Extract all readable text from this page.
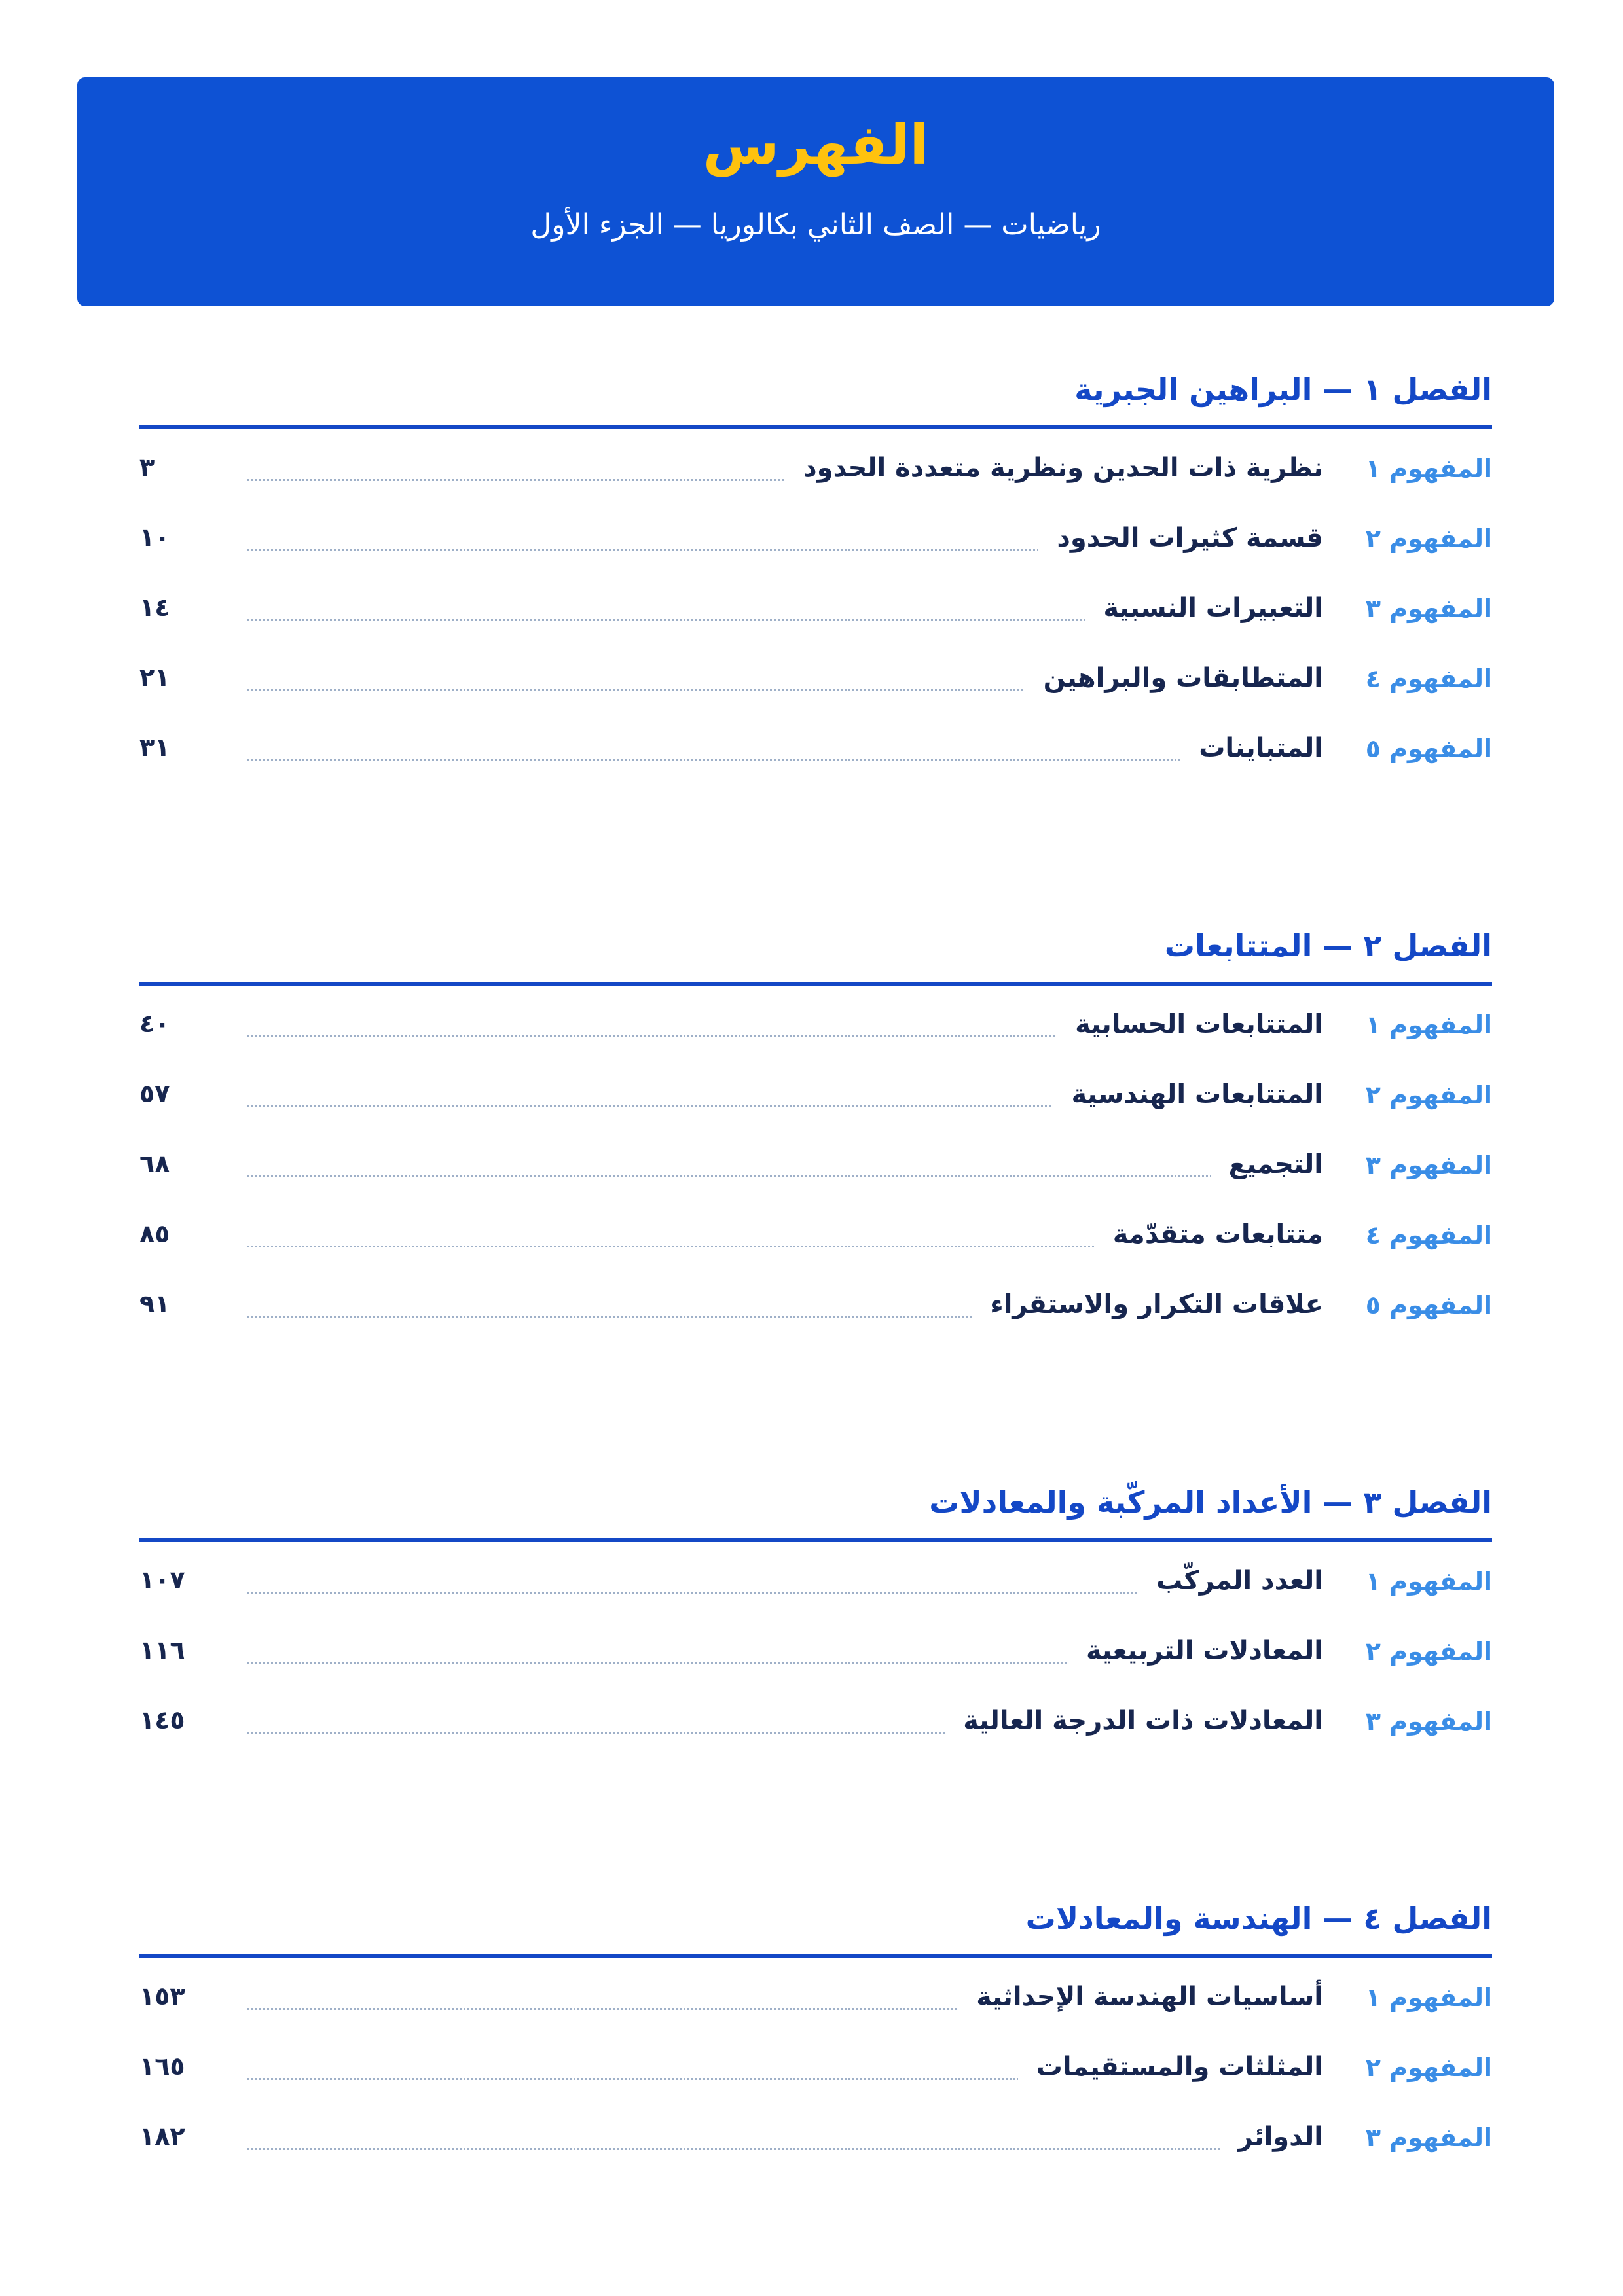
الفهرس
رياضيات — الصف الثاني بكالوريا — الجزء الأول
الفصل ١ — البراهين الجبرية
المفهوم ١
نظرية ذات الحدين ونظرية متعددة الحدود
٣
المفهوم ٢
قسمة كثيرات الحدود
١٠
المفهوم ٣
التعبيرات النسبية
١٤
المفهوم ٤
المتطابقات والبراهين
٢١
المفهوم ٥
المتباينات
٣١
الفصل ٢ — المتتابعات
المفهوم ١
المتتابعات الحسابية
٤٠
المفهوم ٢
المتتابعات الهندسية
٥٧
المفهوم ٣
التجميع
٦٨
المفهوم ٤
متتابعات متقدّمة
٨٥
المفهوم ٥
علاقات التكرار والاستقراء
٩١
الفصل ٣ — الأعداد المركّبة والمعادلات
المفهوم ١
العدد المركّب
١٠٧
المفهوم ٢
المعادلات التربيعية
١١٦
المفهوم ٣
المعادلات ذات الدرجة العالية
١٤٥
الفصل ٤ — الهندسة والمعادلات
المفهوم ١
أساسيات الهندسة الإحداثية
١٥٣
المفهوم ٢
المثلثات والمستقيمات
١٦٥
المفهوم ٣
الدوائر
١٨٢
